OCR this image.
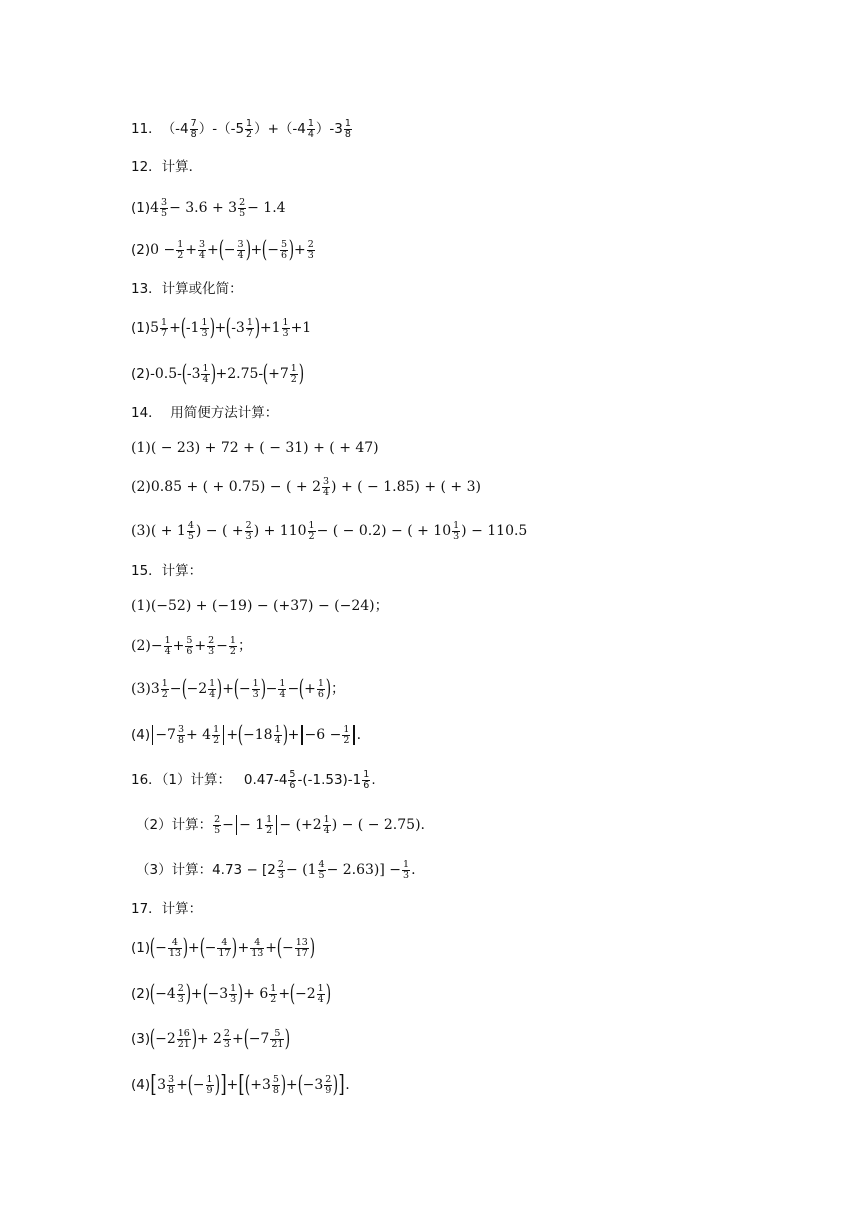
11． （-4 7
8 ）-（-5 1
2 ）+（-4 1
4 ）-3 1
8
12．计算．
(1) 4 3
5 − 3.6 + 3 2
5 − 1.4
(2) $0 - \frac{1}{2} + \frac{3}{4}$ + ( − $\frac{3}{4}$ ) + ( − $\frac{5}{6}$ ) + $\frac{2}{3}$
13．计算或化简：
(1) 5 1
7 + ( -1 1
3 ) + ( -3 1
7 ) +1 1
3 +1
(2) -0.5- ( -3 1
4 ) +2.75- ( +7 1
2 )
14．  用简便方法计算：
(1)( − 23) + 72 + ( − 31) + ( + 47)
(2)0.85 + ( + 0.75) − ( + 2 3
4 ) + ( − 1.85) + ( + 3)
(3)( + 1 4
5 ) − ( + $\frac{2}{3}$ ) + 110 1
2 − ( − 0.2) − ( + 10 1
3 ) − 110.5
15．计算：
(1)(−52) + (−19) − (+37) − (−24)；
$(2)- \frac{1}{4} + \frac{5}{6} + \frac{2}{3} - \frac{1}{2}$ ；
(3)3 1
2 − ( −2 1
4 ) + ( − $\frac{1}{3}$ ) − $\frac{1}{4}$ − ( + $\frac{1}{6}$ ) ；
(4) −7 3
8 + 4 1
2 + ( −18 1
4 ) + $-6 - \frac{1}{2}$ .
16．（1）计算：   0.47-4 5
6 -(-1.53)-1 1
6 .
（2）计算： 2
5 − − 1 1
2 − (+2 1
4 ) − ( − 2.75).
（3）计算：4.73 − [2 2
3 − (1 4
$5 - 2.63)] - \frac{1}{3}$ .
17．计算：
(1) ( − $\frac{4}{13}$ ) + ( − $\frac{4}{17}$ ) + $\frac{4}{13}$ + ( − $\frac{13}{17}$ )
(2) ( −4 2
3 ) + ( −3 1
3 ) + 6 1
2 + ( −2 1
4 )
(3) ( −2 16
21 ) + 2 2
3 + ( −7 5
21 )
(4) [ 3 3
8 + ( − $\frac{1}{9}$ ) ] + [ ( +3 5
8 ) + ( −3 2
9 ) ] .
